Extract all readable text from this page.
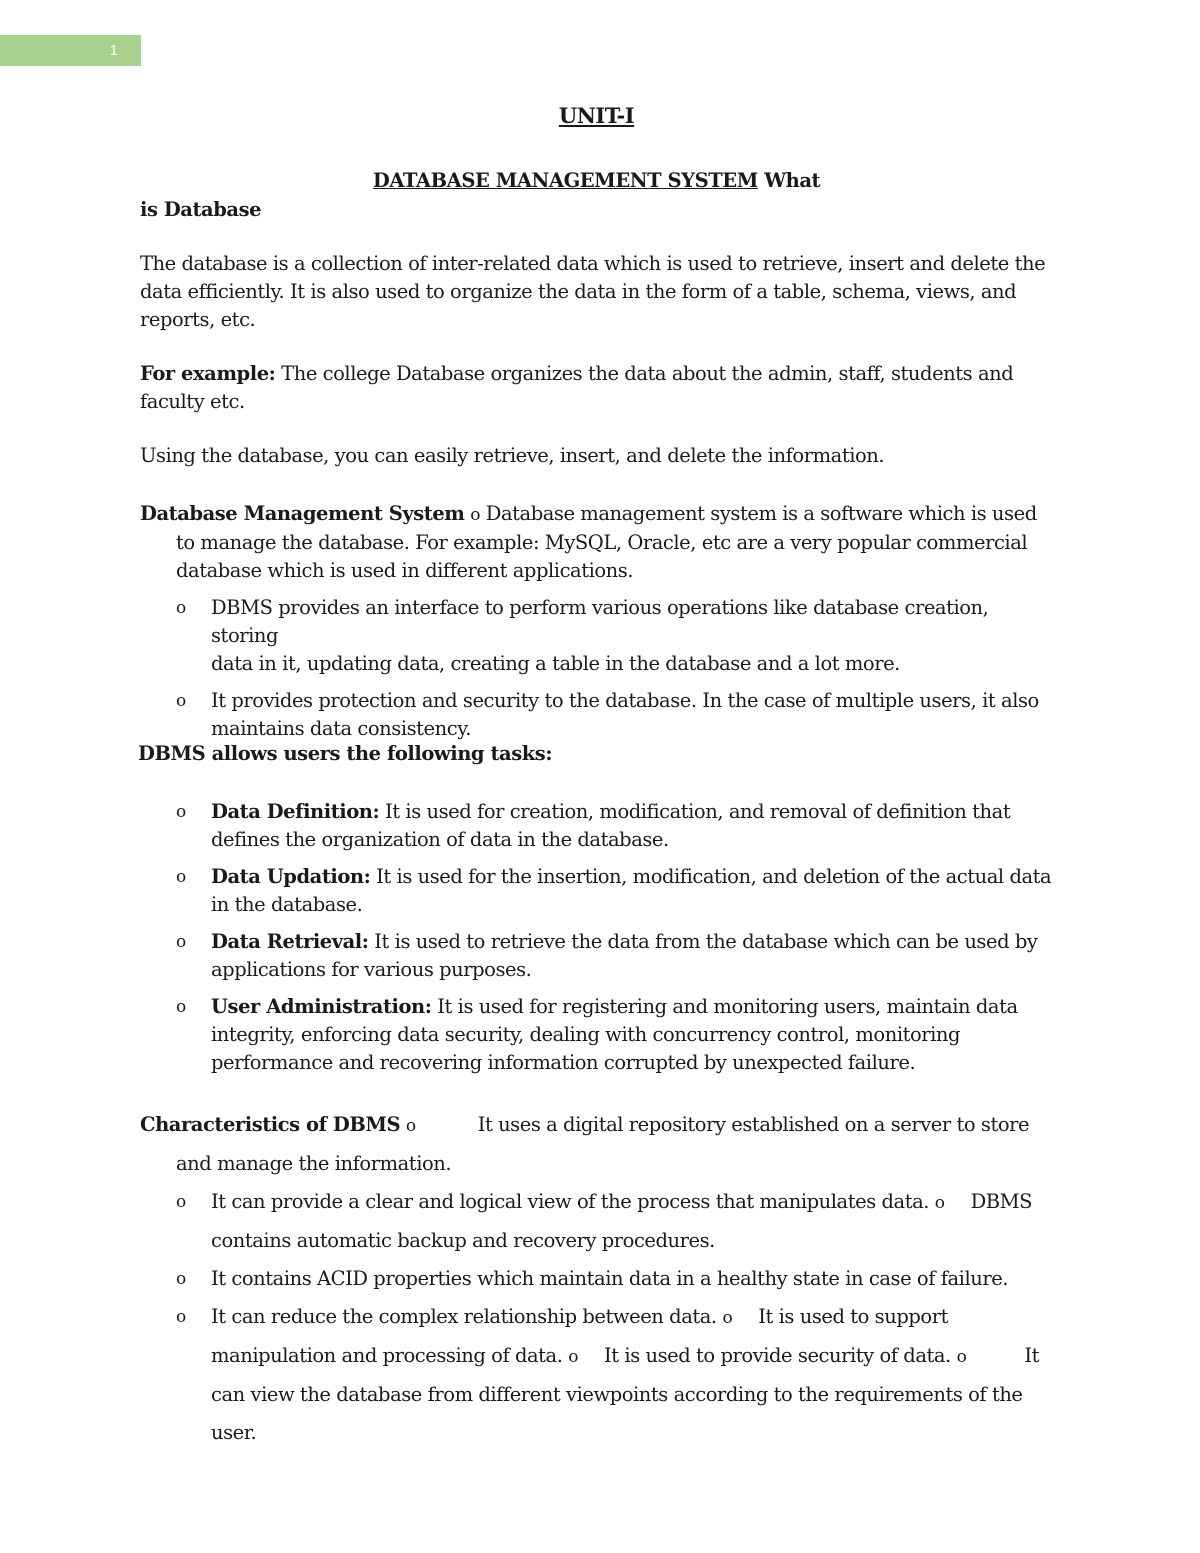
1
UNIT-I
DATABASE MANAGEMENT SYSTEM What
is Database
The database is a collection of inter-related data which is used to retrieve, insert and delete the
data efficiently. It is also used to organize the data in the form of a table, schema, views, and
reports, etc.
For example: The college Database organizes the data about the admin, staff, students and
faculty etc.
Using the database, you can easily retrieve, insert, and delete the information.
Database Management System o Database management system is a software which is used
to manage the database. For example: MySQL, Oracle, etc are a very popular commercial
database which is used in different applications.
o DBMS provides an interface to perform various operations like database creation, storing
data in it, updating data, creating a table in the database and a lot more.
o It provides protection and security to the database. In the case of multiple users, it also
maintains data consistency.
DBMS allows users the following tasks:
o Data Definition: It is used for creation, modification, and removal of definition that
defines the organization of data in the database.
o Data Updation: It is used for the insertion, modification, and deletion of the actual data
in the database.
o Data Retrieval: It is used to retrieve the data from the database which can be used by
applications for various purposes.
o User Administration: It is used for registering and monitoring users, maintain data
integrity, enforcing data security, dealing with concurrency control, monitoring
performance and recovering information corrupted by unexpected failure.
Characteristics of DBMS o	It uses a digital repository established on a server to store
and manage the information.
o It can provide a clear and logical view of the process that manipulates data. o DBMS
contains automatic backup and recovery procedures.
o It contains ACID properties which maintain data in a healthy state in case of failure.
o It can reduce the complex relationship between data. o It is used to support
manipulation and processing of data. o It is used to provide security of data. o	It
can view the database from different viewpoints according to the requirements of the
user.
